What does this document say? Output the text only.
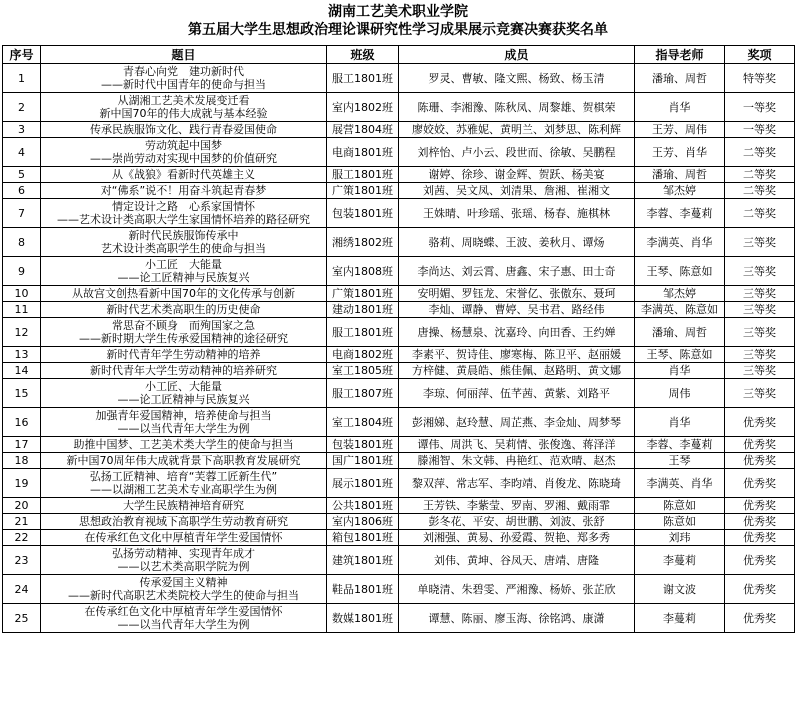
湖南工艺美术职业学院
第五届大学生思想政治理论课研究性学习成果展示竞赛决赛获奖名单
序号	题目	班级	成员	指导老师	奖项
1	青春心向党　建功新时代
——新时代中国青年的使命与担当	服工1801班	罗灵、曹敏、隆文熙、杨致、杨玉清	潘瑜、周哲	特等奖
2	从湖湘工艺美术发展变迁看
新中国70年的伟大成就与基本经验	室内1802班	陈珊、李湘豫、陈秋凤、周黎雄、贺棋荣	肖华	一等奖
3	传承民族服饰文化、践行青春爱国使命	展营1804班	廖姣姣、苏雅妮、黄明兰、刘梦思、陈利辉	王芳、周伟	一等奖
4	劳动筑起中国梦
——崇尚劳动对实现中国梦的价值研究	电商1801班	刘梓怡、卢小云、段世而、徐敏、吴鹏程	王芳、肖华	二等奖
5	从《战狼》看新时代英雄主义	服工1801班	谢婷、徐珍、谢金辉、贺跃、杨美宴	潘瑜、周哲	二等奖
6	对“佛系”说不！用奋斗筑起青春梦	广策1801班	刘茜、吴文凤、刘清果、詹湘、崔湘文	邹杰婷	二等奖
7	情定设计之路　心系家国情怀
——艺术设计类高职大学生家国情怀培养的路径研究	包装1801班	王姝晴、叶珍瑶、张瑶、杨春、施棋林	李蓉、李蔓莉	二等奖
8	新时代民族服饰传承中
艺术设计类高职学生的使命与担当	湘绣1802班	骆莉、周晓蝶、王波、姜秋月、谭炀	李满英、肖华	三等奖
9	小工匠　大能量
——论工匠精神与民族复兴	室内1808班	李尚达、刘云霄、唐鑫、宋子惠、田士奇	王琴、陈意如	三等奖
10	从故宫文创热看新中国70年的文化传承与创新	广策1801班	安明媚、罗钰龙、宋誉亿、张傲东、聂珂	邹杰婷	三等奖
11	新时代艺术类高职生的历史使命	建动1801班	李灿、谭静、曹婷、吴书君、路经伟	李满英、陈意如	三等奖
12	常思奋不顾身　而殉国家之急
——新时期大学生传承爱国精神的途径研究	服工1801班	唐操、杨慧泉、沈嘉玲、向田香、王约婵	潘瑜、周哲	三等奖
13	新时代青年学生劳动精神的培养	电商1802班	李素平、贺诗佳、廖寒梅、陈卫平、赵丽媛	王琴、陈意如	三等奖
14	新时代青年大学生劳动精神的培养研究	室工1805班	方梓健、黄晨皓、熊佳佩、赵路明、黄文娜	肖华	三等奖
15	小工匠、大能量
——论工匠精神与民族复兴	服工1807班	李琼、何丽萍、伍芊茜、黄紫、刘路平	周伟	三等奖
16	加强青年爱国精神，培养使命与担当
——以当代青年大学生为例	室工1804班	彭湘娣、赵玲慧、周芷燕、李金灿、周梦琴	肖华	优秀奖
17	助推中国梦、工艺美术类大学生的使命与担当	包装1801班	谭伟、周洪飞、吴莉情、张俊逸、蒋泽洋	李蓉、李蔓莉	优秀奖
18	新中国70周年伟大成就背景下高职教育发展研究	国广1801班	滕湘智、朱文韩、冉艳红、范欢晴、赵杰	王琴	优秀奖
19	弘扬工匠精神、培育“芙蓉工匠新生代”
——以湖湘工艺美术专业高职学生为例	展示1801班	黎双萍、常志军、李昀靖、肖俊龙、陈晓琦	李满英、肖华	优秀奖
20	大学生民族精神培育研究	公共1801班	王芳铁、李紫莹、罗南、罗湘、戴雨霏	陈意如	优秀奖
21	思想政治教育视域下高职学生劳动教育研究	室内1806班	彭冬花、平安、胡世鹏、刘波、张舒	陈意如	优秀奖
22	在传承红色文化中厚植青年学生爱国情怀	箱包1801班	刘湘强、黄易、孙爱霞、贺艳、郑多秀	刘玮	优秀奖
23	弘扬劳动精神、实现青年成才
——以艺术类高职学院为例	建筑1801班	刘伟、黄坤、谷凤天、唐靖、唐隆	李蔓莉	优秀奖
24	传承爱国主义精神
——新时代高职艺术类院校大学生的使命与担当	鞋品1801班	单晓清、朱碧雯、严湘豫、杨娇、张芷欣	谢文波	优秀奖
25	在传承红色文化中厚植青年学生爱国情怀
——以当代青年大学生为例	数媒1801班	谭慧、陈丽、廖玉海、徐铭鸿、康潇	李蔓莉	优秀奖
